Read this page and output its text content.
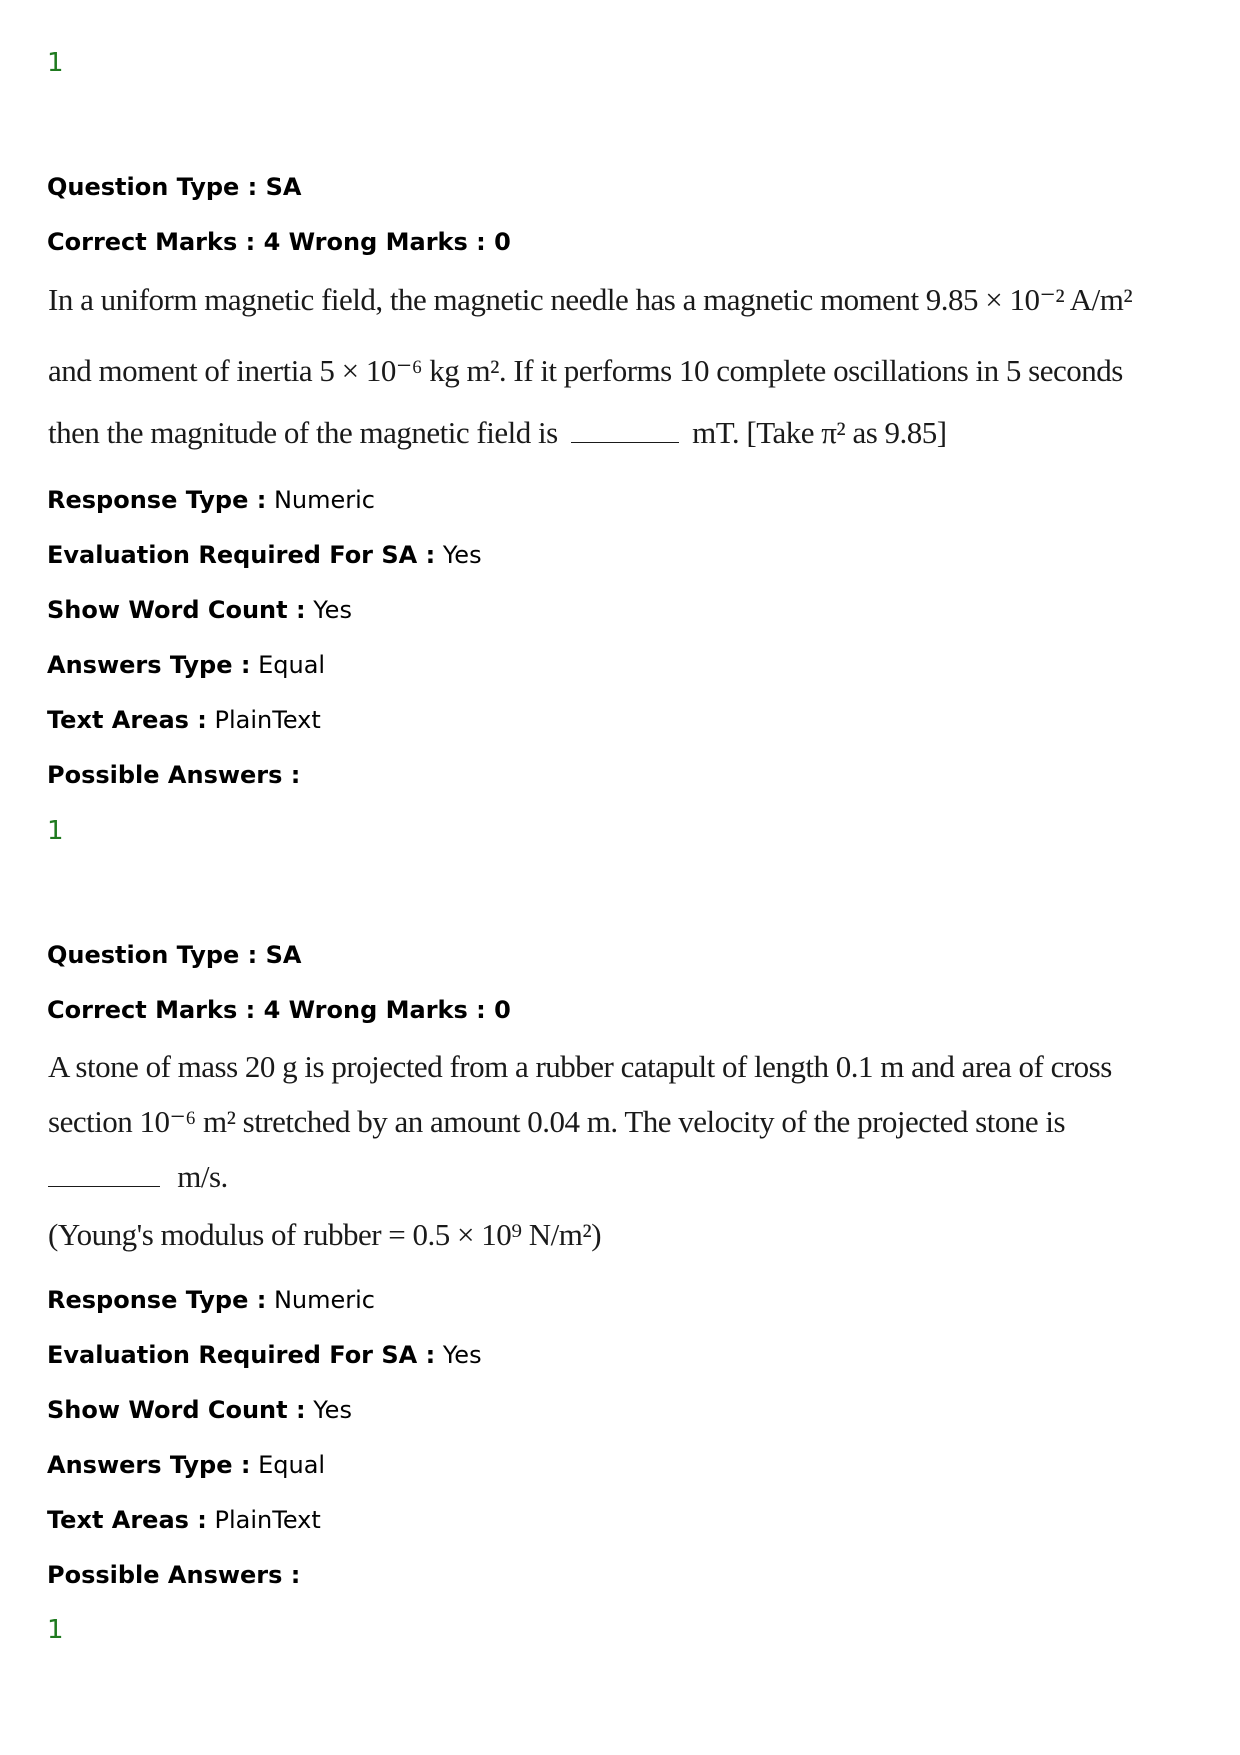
1
Question Type : SA
Correct Marks : 4 Wrong Marks : 0
In a uniform magnetic field, the magnetic needle has a magnetic moment 9.85 × 10⁻² A/m²
and moment of inertia 5 × 10⁻⁶ kg m². If it performs 10 complete oscillations in 5 seconds
then the magnitude of the magnetic field is	mT. [Take π² as 9.85]
Response Type : Numeric
Evaluation Required For SA : Yes
Show Word Count : Yes
Answers Type : Equal
Text Areas : PlainText
Possible Answers :
1
Question Type : SA
Correct Marks : 4 Wrong Marks : 0
A stone of mass 20 g is projected from a rubber catapult of length 0.1 m and area of cross
section 10⁻⁶ m² stretched by an amount 0.04 m. The velocity of the projected stone is
m/s.
(Young's modulus of rubber = 0.5 × 10⁹ N/m²)
Response Type : Numeric
Evaluation Required For SA : Yes
Show Word Count : Yes
Answers Type : Equal
Text Areas : PlainText
Possible Answers :
1
